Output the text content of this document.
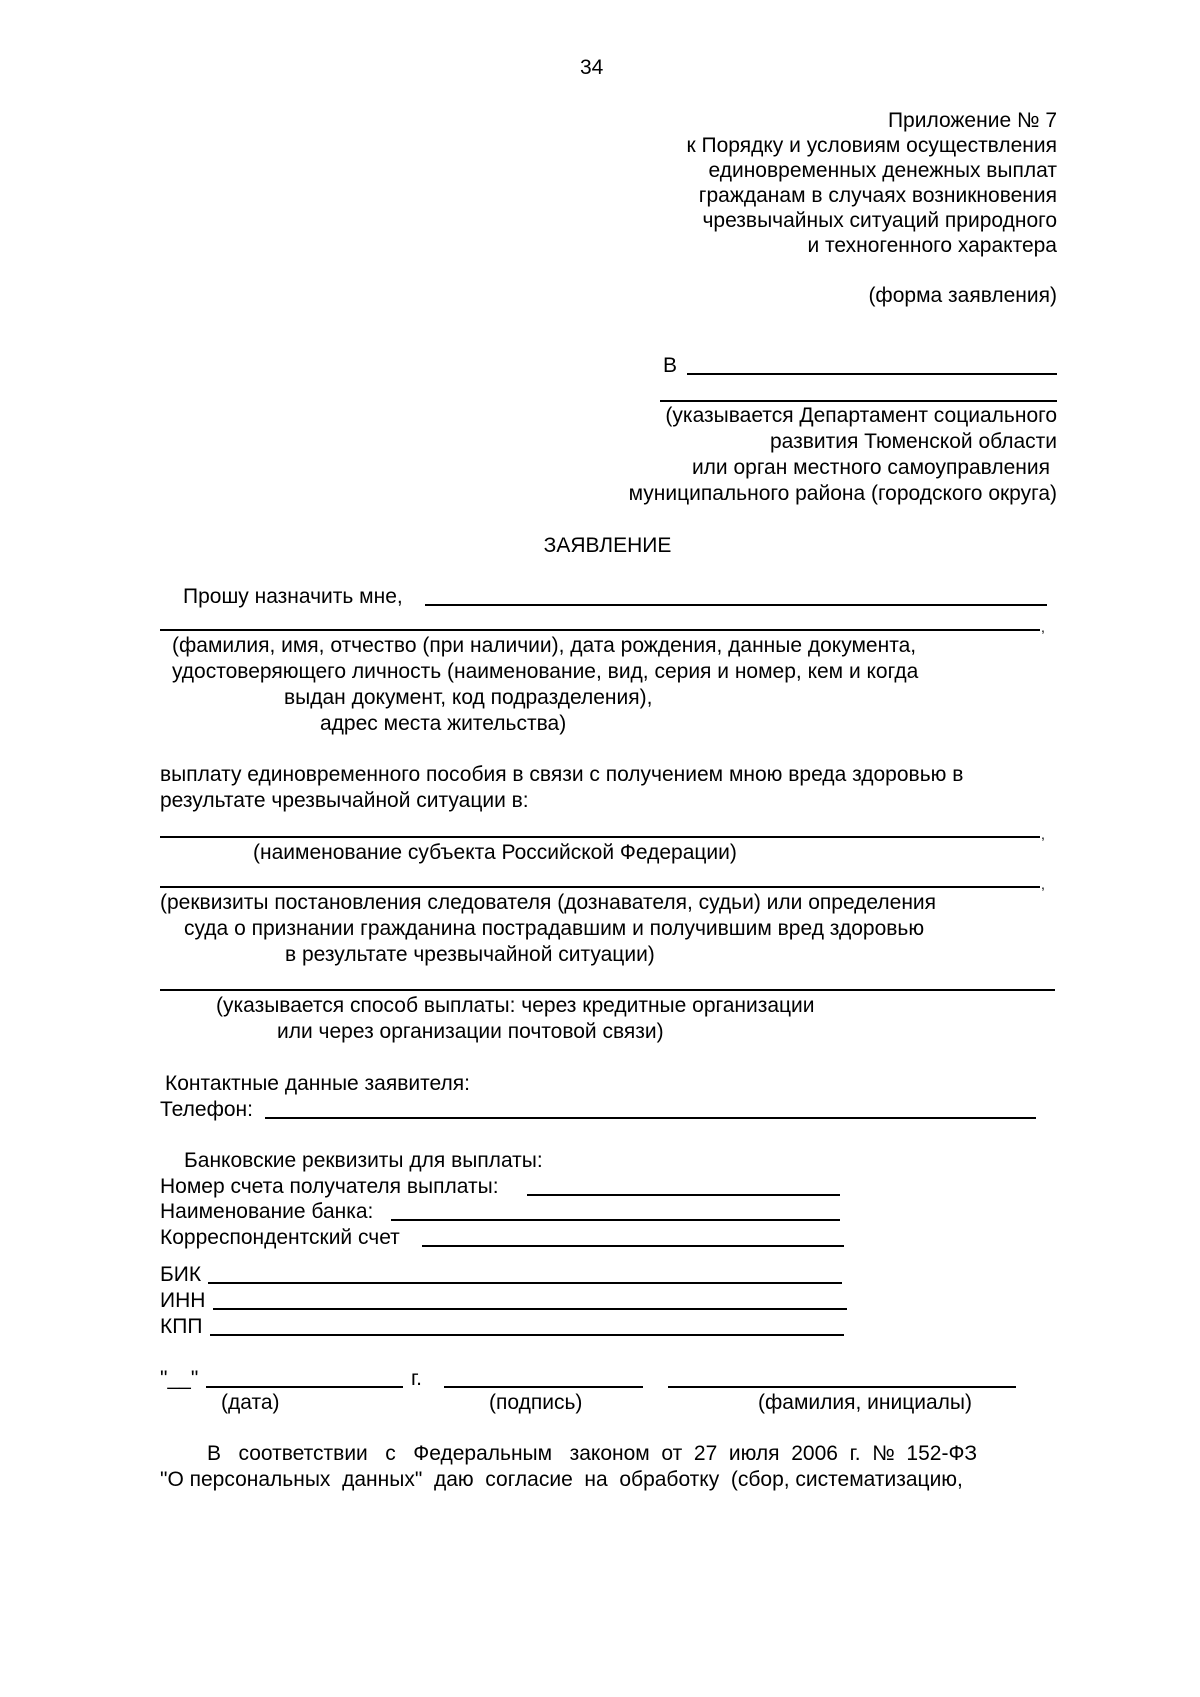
34
Приложение № 7
к Порядку и условиям осуществления
единовременных денежных выплат
гражданам в случаях возникновения
чрезвычайных ситуаций природного
и техногенного характера
(форма заявления)
В
(указывается Департамент социального
развития Тюменской области
или орган местного самоуправления
муниципального района (городского округа)
ЗАЯВЛЕНИЕ
Прошу назначить мне,
,
(фамилия, имя, отчество (при наличии), дата рождения, данные документа,
удостоверяющего личность (наименование, вид, серия и номер, кем и когда
выдан документ, код подразделения),
адрес места жительства)
выплату единовременного пособия в связи с получением мною вреда здоровью в
результате чрезвычайной ситуации в:
,
(наименование субъекта Российской Федерации)
,
(реквизиты постановления следователя (дознавателя, судьи) или определения
суда о признании гражданина пострадавшим и получившим вред здоровью
в результате чрезвычайной ситуации)
(указывается способ выплаты: через кредитные организации
или через организации почтовой связи)
Контактные данные заявителя:
Телефон:
Банковские реквизиты для выплаты:
Номер счета получателя выплаты:
Наименование банка:
Корреспондентский счет
БИК
ИНН
КПП
"__"	г.
(дата)	(подпись)	(фамилия, инициалы)
В   соответствии   с   Федеральным   законом  от  27  июля  2006  г.  №  152-ФЗ
"О персональных  данных"  даю  согласие  на  обработку  (сбор, систематизацию,
